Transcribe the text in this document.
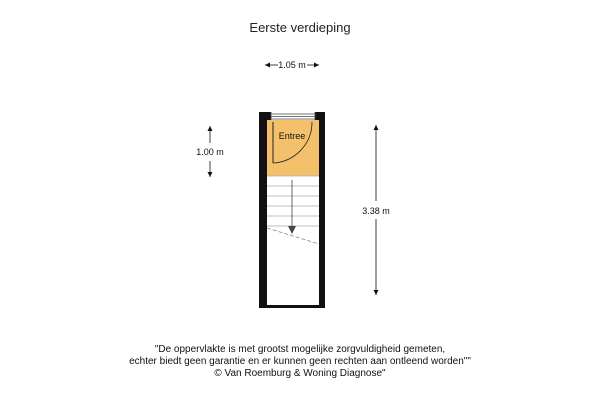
Eerste verdieping
Entree
1.05 m
1.00 m
3.38 m
"De oppervlakte is met grootst mogelijke zorgvuldigheid gemeten,
echter biedt geen garantie en er kunnen geen rechten aan ontleend worden""
© Van Roemburg & Woning Diagnose"
